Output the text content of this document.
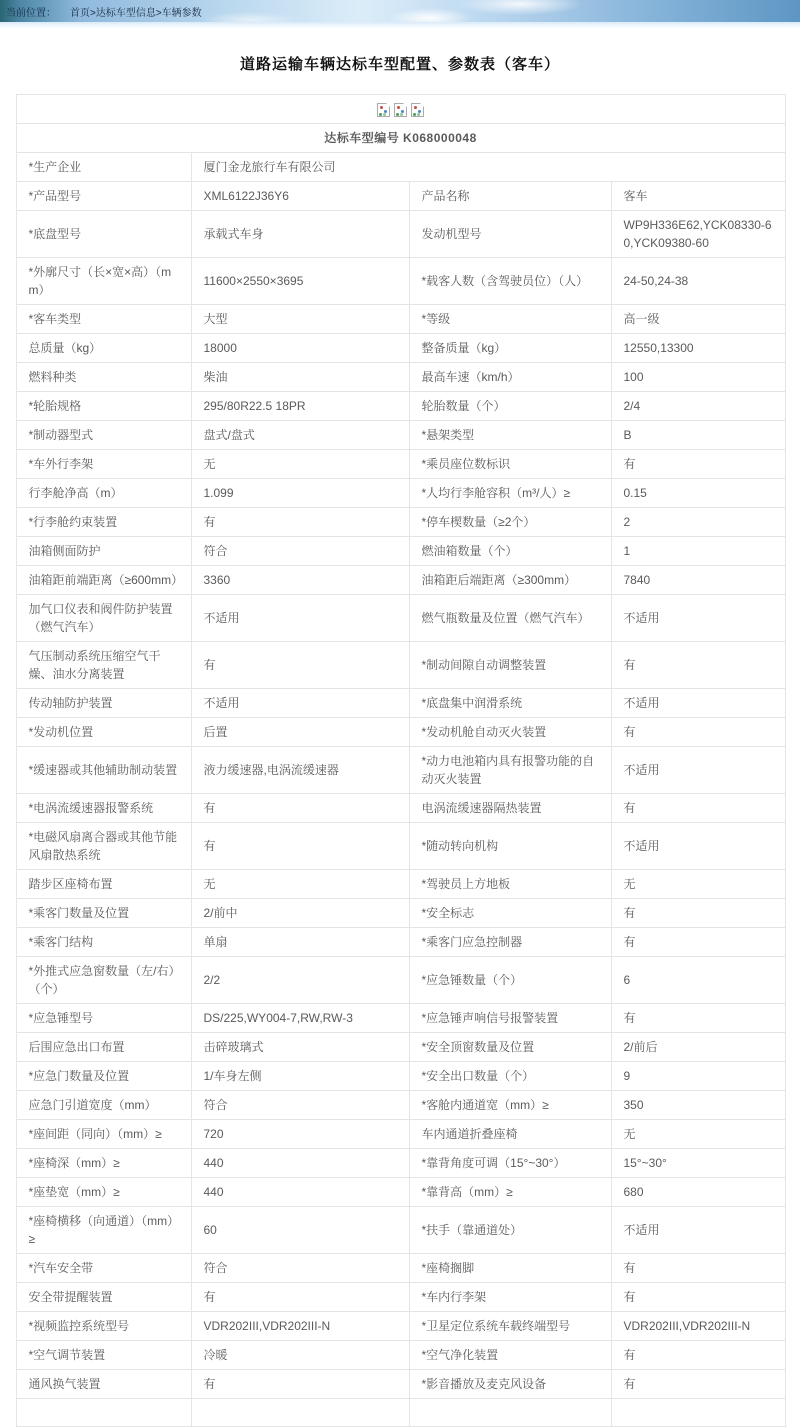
当前位置： 首页>达标车型信息>车辆参数
道路运输车辆达标车型配置、参数表（客车）

达标车型编号 K068000048			
*生产企业	厦门金龙旅行车有限公司		
*产品型号	XML6122J36Y6	产品名称	客车
*底盘型号	承载式车身	发动机型号	WP9H336E62,YCK08330-60,YCK09380-60
*外廓尺寸（长×宽×高）（mm）	11600×2550×3695	*载客人数（含驾驶员位）（人）	24-50,24-38
*客车类型	大型	*等级	高一级
总质量（kg）	18000	整备质量（kg）	12550,13300
燃料种类	柴油	最高车速（km/h）	100
*轮胎规格	295/80R22.5 18PR	轮胎数量（个）	2/4
*制动器型式	盘式/盘式	*悬架类型	B
*车外行李架	无	*乘员座位数标识	有
行李舱净高（m）	1.099	*人均行李舱容积（m³/人）≥	0.15
*行李舱约束装置	有	*停车楔数量（≥2个）	2
油箱侧面防护	符合	燃油箱数量（个）	1
油箱距前端距离（≥600mm）	3360	油箱距后端距离（≥300mm）	7840
加气口仪表和阀件防护装置（燃气汽车）	不适用	燃气瓶数量及位置（燃气汽车）	不适用
气压制动系统压缩空气干燥、油水分离装置	有	*制动间隙自动调整装置	有
传动轴防护装置	不适用	*底盘集中润滑系统	不适用
*发动机位置	后置	*发动机舱自动灭火装置	有
*缓速器或其他辅助制动装置	液力缓速器,电涡流缓速器	*动力电池箱内具有报警功能的自动灭火装置	不适用
*电涡流缓速器报警系统	有	电涡流缓速器隔热装置	有
*电磁风扇离合器或其他节能风扇散热系统	有	*随动转向机构	不适用
踏步区座椅布置	无	*驾驶员上方地板	无
*乘客门数量及位置	2/前中	*安全标志	有
*乘客门结构	单扇	*乘客门应急控制器	有
*外推式应急窗数量（左/右）（个）	2/2	*应急锤数量（个）	6
*应急锤型号	DS/225,WY004-7,RW,RW-3	*应急锤声响信号报警装置	有
后围应急出口布置	击碎玻璃式	*安全顶窗数量及位置	2/前后
*应急门数量及位置	1/车身左侧	*安全出口数量（个）	9
应急门引道宽度（mm）	符合	*客舱内通道宽（mm）≥	350
*座间距（同向）（mm）≥	720	车内通道折叠座椅	无
*座椅深（mm）≥	440	*靠背角度可调（15°~30°）	15°~30°
*座垫宽（mm）≥	440	*靠背高（mm）≥	680
*座椅横移（向通道）（mm）≥	60	*扶手（靠通道处）	不适用
*汽车安全带	符合	*座椅搁脚	有
安全带提醒装置	有	*车内行李架	有
*视频监控系统型号	VDR202III,VDR202III-N	*卫星定位系统车载终端型号	VDR202III,VDR202III-N
*空气调节装置	冷暖	*空气净化装置	有
通风换气装置	有	*影音播放及麦克风设备	有
